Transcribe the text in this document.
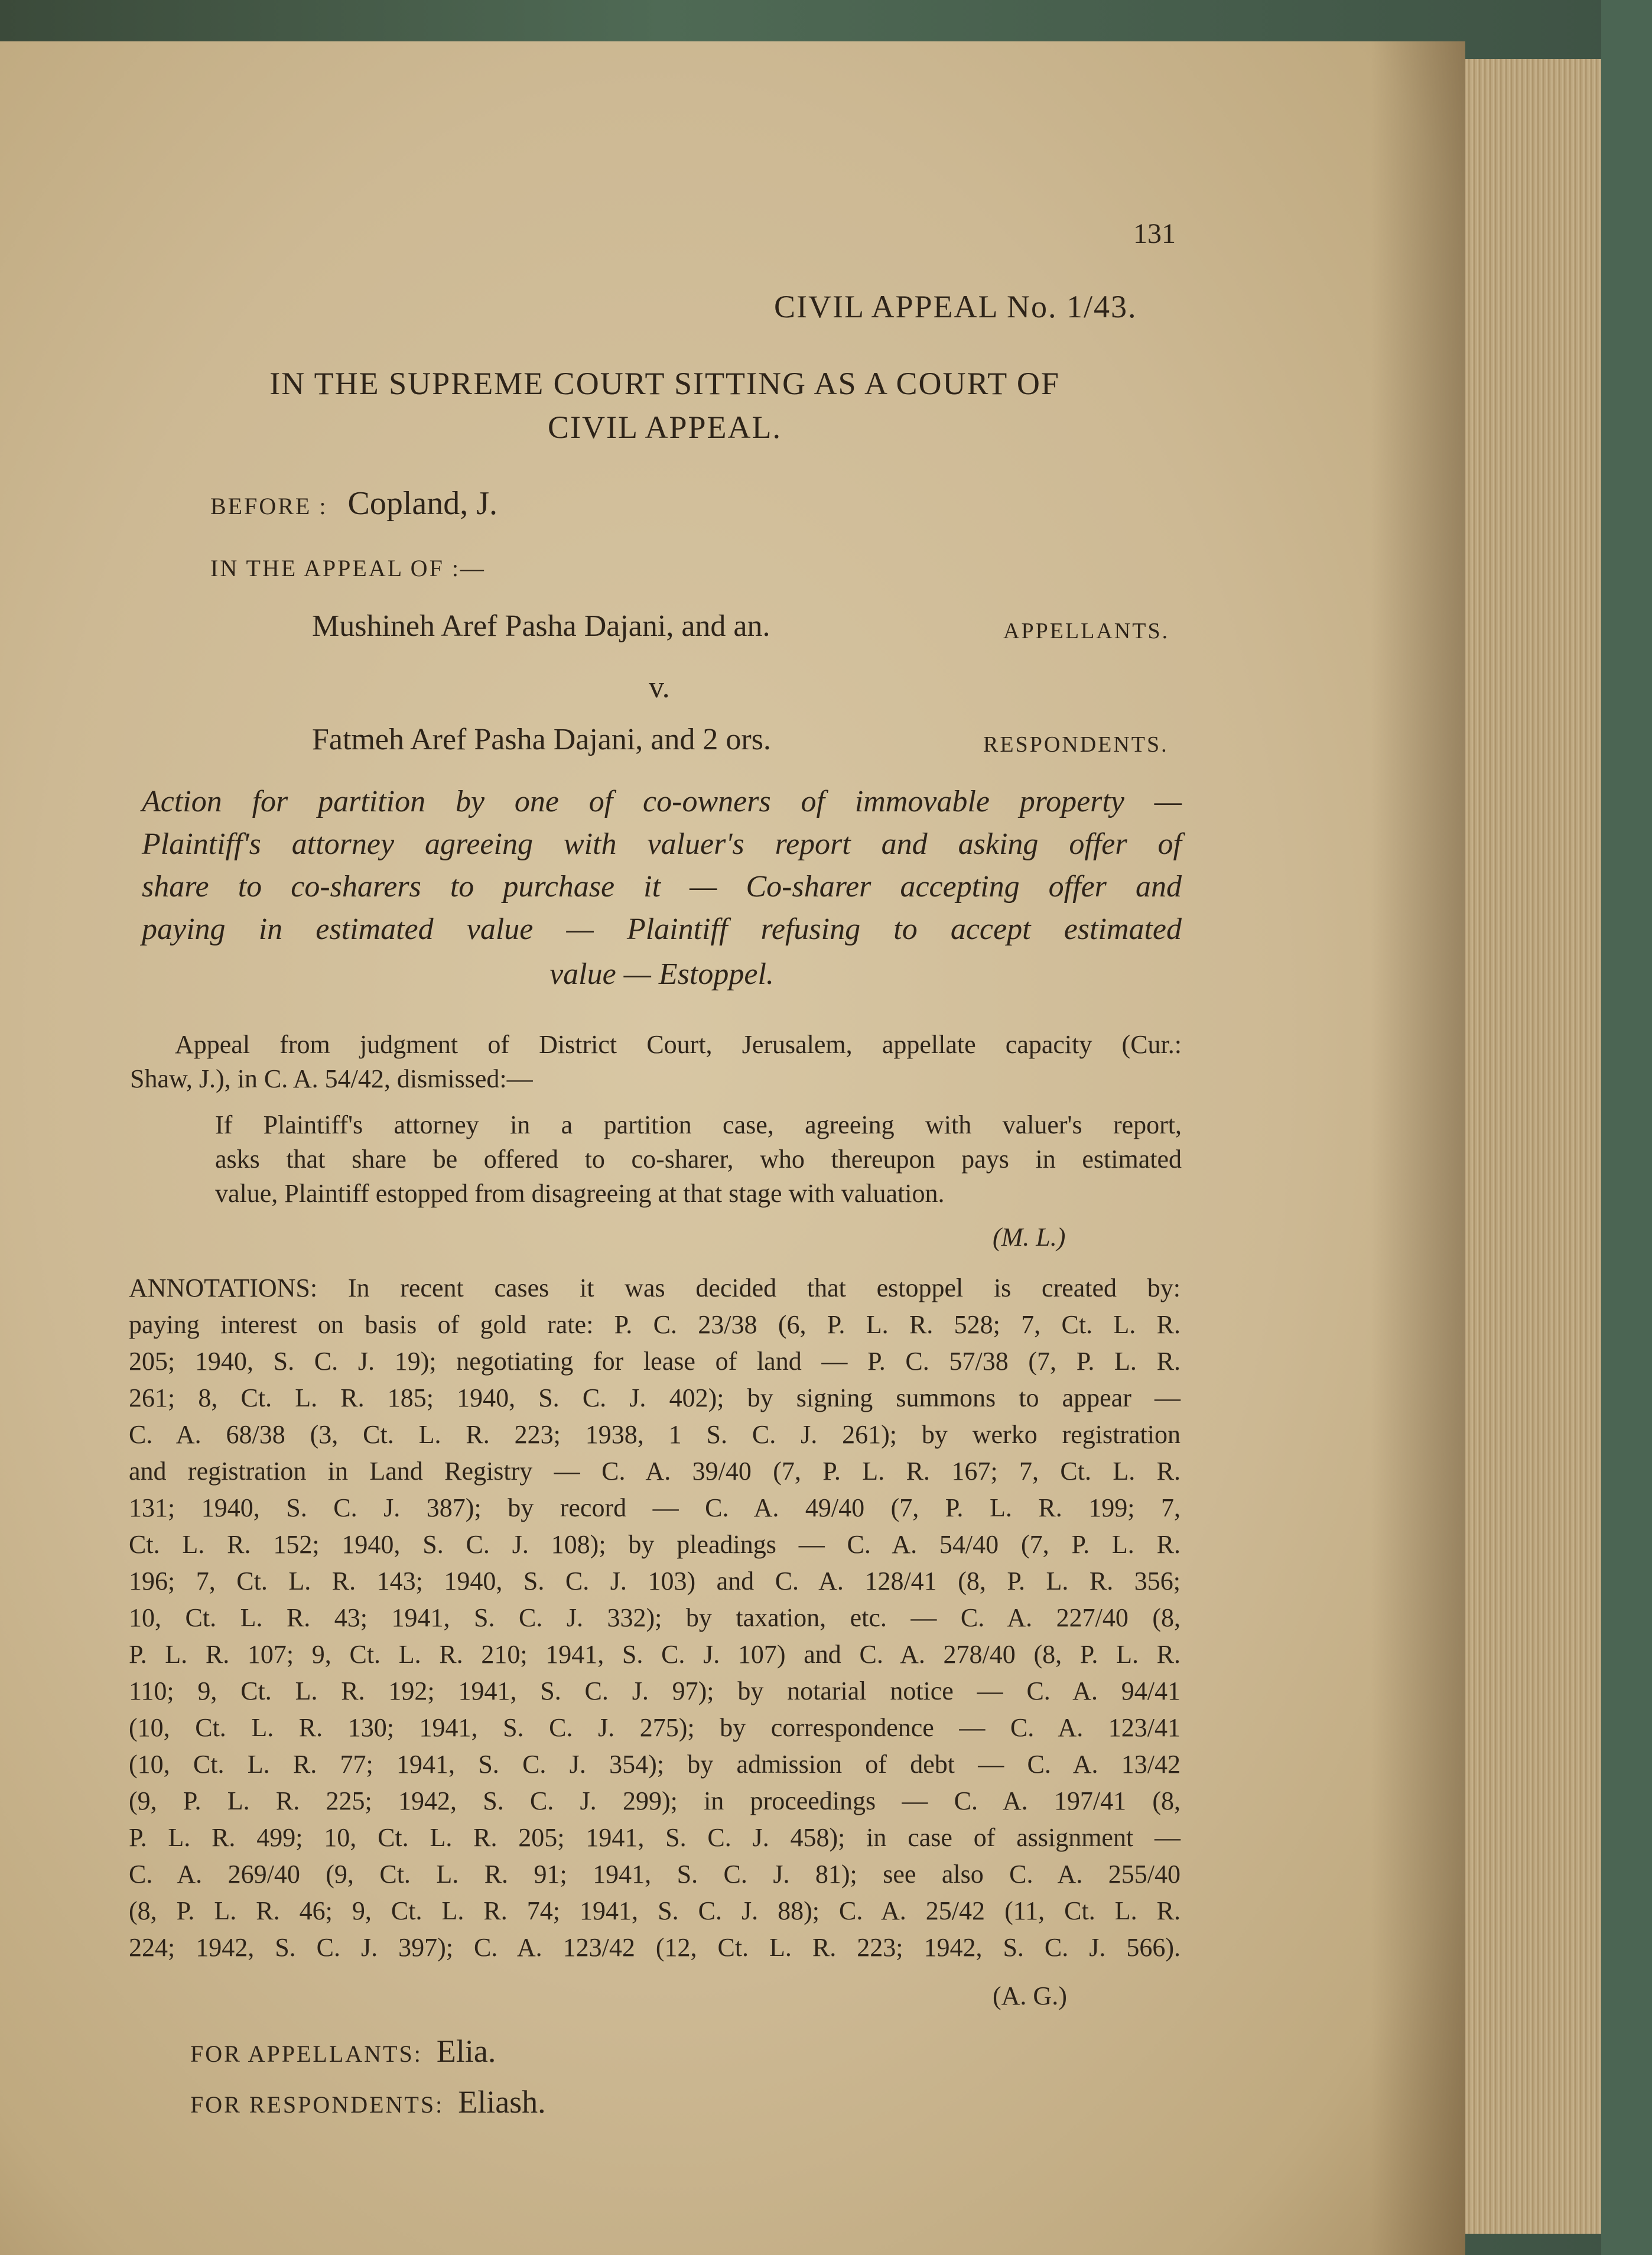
131
CIVIL APPEAL No. 1/43.
IN THE SUPREME COURT SITTING AS A COURT OF
CIVIL APPEAL.
BEFORE : Copland, J.
IN THE APPEAL OF :—
Mushineh Aref Pasha Dajani, and an.	APPELLANTS.
v.
Fatmeh Aref Pasha Dajani, and 2 ors.	RESPONDENTS.
Action for partition by one of co-owners of immovable property —
Plaintiff's attorney agreeing with valuer's report and asking offer of
share to co-sharers to purchase it — Co-sharer accepting offer and
paying in estimated value — Plaintiff refusing to accept estimated
value — Estoppel.
Appeal from judgment of District Court, Jerusalem, appellate capacity (Cur.:
Shaw, J.), in C. A. 54/42, dismissed:—
If Plaintiff's attorney in a partition case, agreeing with valuer's report,
asks that share be offered to co-sharer, who thereupon pays in estimated
value, Plaintiff estopped from disagreeing at that stage with valuation.
(M. L.)
ANNOTATIONS: In recent cases it was decided that estoppel is created by:
paying interest on basis of gold rate: P. C. 23/38 (6, P. L. R. 528; 7, Ct. L. R.
205; 1940, S. C. J. 19); negotiating for lease of land — P. C. 57/38 (7, P. L. R.
261; 8, Ct. L. R. 185; 1940, S. C. J. 402); by signing summons to appear —
C. A. 68/38 (3, Ct. L. R. 223; 1938, 1 S. C. J. 261); by werko registration
and registration in Land Registry — C. A. 39/40 (7, P. L. R. 167; 7, Ct. L. R.
131; 1940, S. C. J. 387); by record — C. A. 49/40 (7, P. L. R. 199; 7,
Ct. L. R. 152; 1940, S. C. J. 108); by pleadings — C. A. 54/40 (7, P. L. R.
196; 7, Ct. L. R. 143; 1940, S. C. J. 103) and C. A. 128/41 (8, P. L. R. 356;
10, Ct. L. R. 43; 1941, S. C. J. 332); by taxation, etc. — C. A. 227/40 (8,
P. L. R. 107; 9, Ct. L. R. 210; 1941, S. C. J. 107) and C. A. 278/40 (8, P. L. R.
110; 9, Ct. L. R. 192; 1941, S. C. J. 97); by notarial notice — C. A. 94/41
(10, Ct. L. R. 130; 1941, S. C. J. 275); by correspondence — C. A. 123/41
(10, Ct. L. R. 77; 1941, S. C. J. 354); by admission of debt — C. A. 13/42
(9, P. L. R. 225; 1942, S. C. J. 299); in proceedings — C. A. 197/41 (8,
P. L. R. 499; 10, Ct. L. R. 205; 1941, S. C. J. 458); in case of assignment —
C. A. 269/40 (9, Ct. L. R. 91; 1941, S. C. J. 81); see also C. A. 255/40
(8, P. L. R. 46; 9, Ct. L. R. 74; 1941, S. C. J. 88); C. A. 25/42 (11, Ct. L. R.
224; 1942, S. C. J. 397); C. A. 123/42 (12, Ct. L. R. 223; 1942, S. C. J. 566).
(A. G.)
FOR APPELLANTS: Elia.
FOR RESPONDENTS: Eliash.
